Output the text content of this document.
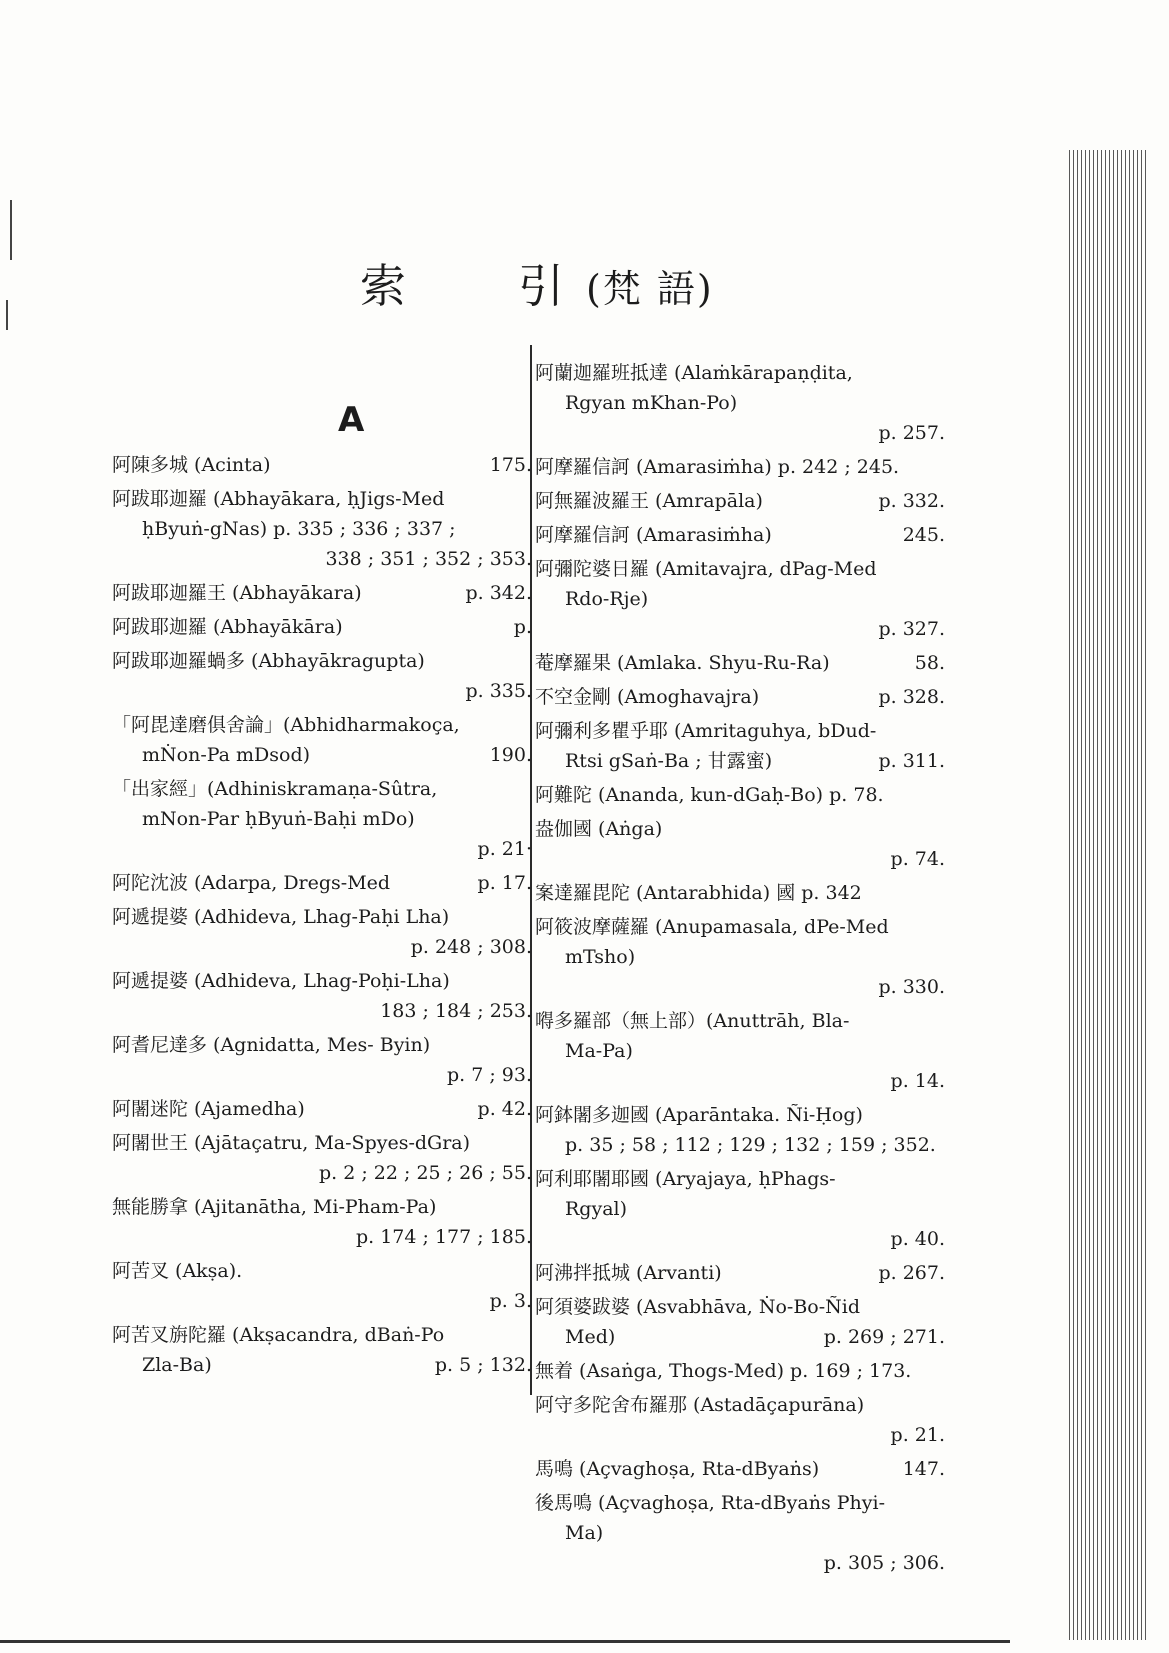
索 引 (梵 語)
A
175.
阿陳多城 (Acinta)
阿跋耶迦羅 (Abhayākara, ḥJigs-Med
ḥByuṅ-gNas) p. 335 ; 336 ; 337 ;
338 ; 351 ; 352 ; 353.
p. 342.
阿跋耶迦羅王 (Abhayākara)
p.
阿跋耶迦羅 (Abhayākāra)
阿跋耶迦羅蝸多 (Abhayākragupta)
p. 335.
「阿毘達磨俱舍論」(Abhidharmakoça,
190.
mṄon-Pa mDsod)
「出家經」(Adhiniskramaṇa-Sûtra,
mNon-Par ḥByuṅ-Baḥi mDo)
p. 21·
p. 17.
阿陀沈波 (Adarpa, Dregs-Med
阿遞提婆 (Adhideva, Lhag-Paḥi Lha)
p. 248 ; 308.
阿遞提婆 (Adhideva, Lhag-Poḥi-Lha)
183 ; 184 ; 253.
阿耆尼達多 (Agnidatta, Mes- Byin)
p. 7 ; 93.
p. 42.
阿闍迷陀 (Ajamedha)
阿闍世王 (Ajātaçatru, Ma-Spyes-dGra)
p. 2 ; 22 ; 25 ; 26 ; 55.
無能勝拿 (Ajitanātha, Mi-Pham-Pa)
p. 174 ; 177 ; 185.
阿苦叉 (Akṣa).
p. 3.
阿苦叉旃陀羅 (Akṣacandra, dBaṅ-Po
p. 5 ; 132.
Zla-Ba)
阿蘭迦羅班抵達 (Alaṁkārapaṇḍita,
Rgyan mKhan-Po)
p. 257.
阿摩羅信訶 (Amarasiṁha) p. 242 ; 245.
p. 332.
阿無羅波羅王 (Amrapāla)
245.
阿摩羅信訶 (Amarasiṁha)
阿彌陀婆日羅 (Amitavajra, dPag-Med
Rdo-Rje)
p. 327.
58.
菴摩羅果 (Amlaka. Shyu-Ru-Ra)
p. 328.
不空金剛 (Amoghavajra)
阿彌利多瞿乎耶 (Amritaguhya, bDud-
p. 311.
Rtsi gSaṅ-Ba ; 甘露蜜)
阿難陀 (Ananda, kun-dGaḥ-Bo) p. 78.
盎伽國 (Aṅga)
p. 74.
案達羅毘陀 (Antarabhida) 國 p. 342
阿筱波摩薩羅 (Anupamasala, dPe-Med
mTsho)
p. 330.
嘚多羅部（無上部）(Anuttrāh, Bla-
Ma-Pa)
p. 14.
阿鉢闍多迦國 (Aparāntaka. Ñi-Ḥog)
p. 35 ; 58 ; 112 ; 129 ; 132 ; 159 ; 352.
阿利耶闍耶國 (Aryajaya, ḥPhags-
Rgyal)
p. 40.
p. 267.
阿沸拌抵城 (Arvanti)
阿須婆跋婆 (Asvabhāva, Ṅo-Bo-Ñid
p. 269 ; 271.
Med)
無着 (Asaṅga, Thogs-Med) p. 169 ; 173.
阿守多陀舍布羅那 (Astadāçapurāna)
p. 21.
147.
馬鳴 (Açvaghoṣa, Rta-dByaṅs)
後馬鳴 (Açvaghoṣa, Rta-dByaṅs Phyi-
Ma)
p. 305 ; 306.
